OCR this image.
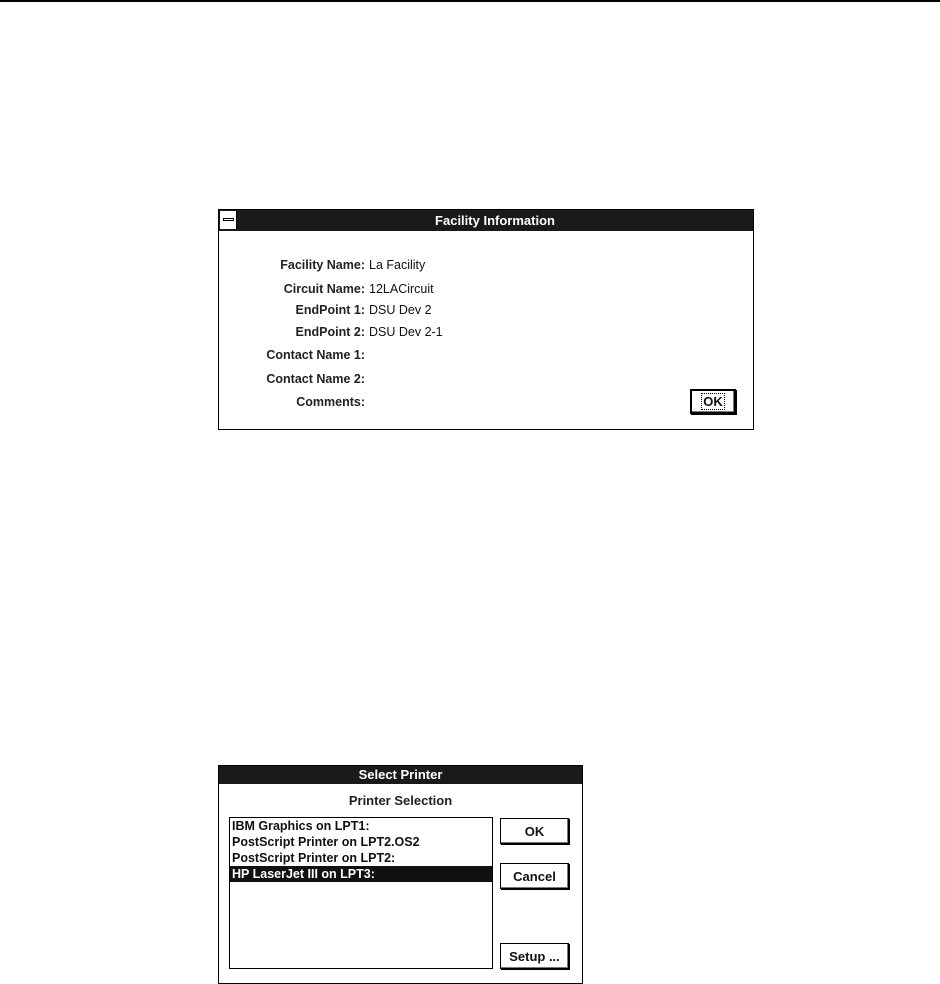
Facility Information
Facility Name: La Facility
Circuit Name: 12LACircuit
EndPoint 1: DSU Dev 2
EndPoint 2: DSU Dev 2-1
Contact Name 1:
Contact Name 2:
Comments:	OK
Select Printer
Printer Selection
IBM Graphics on LPT1:
PostScript Printer on LPT2.OS2
PostScript Printer on LPT2:
HP LaserJet III on LPT3:
OK
Cancel
Setup ...
